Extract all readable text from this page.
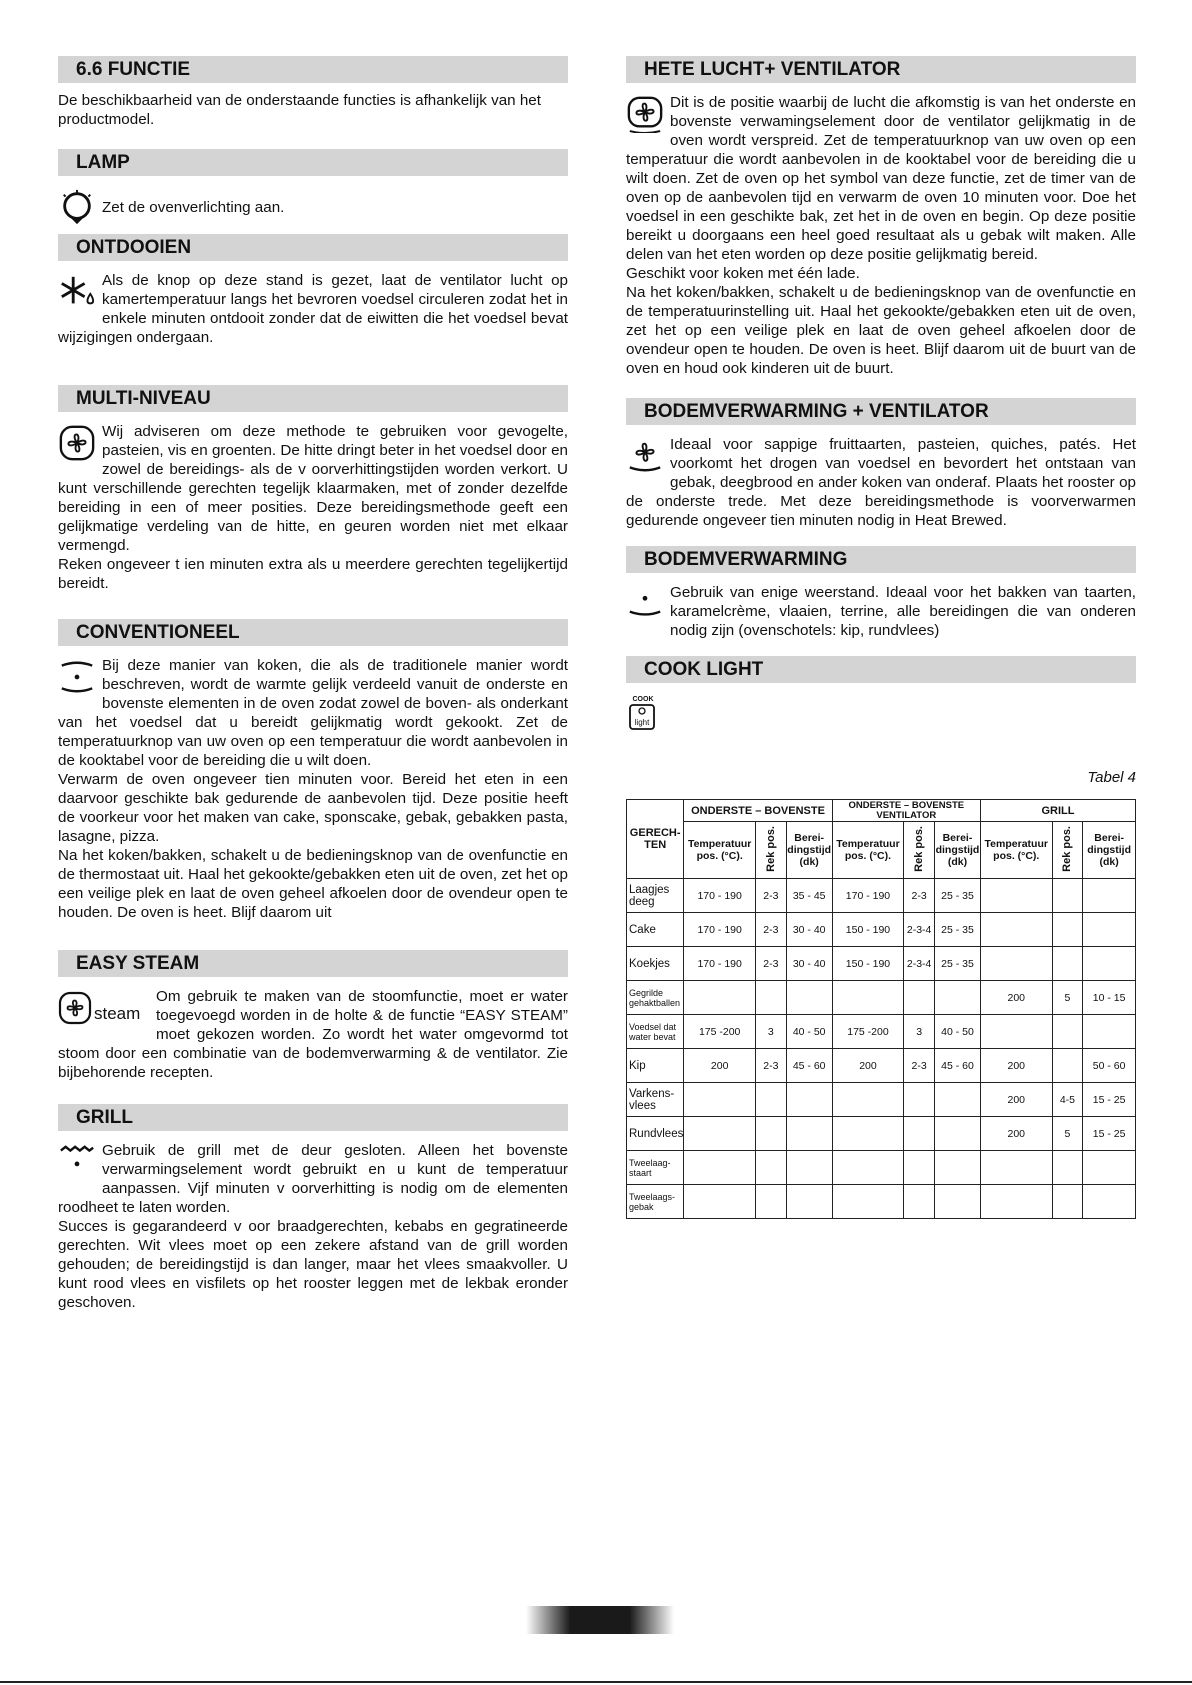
6.6 FUNCTIE

De beschikbaarheid van de onderstaande functies is afhankelijk van het productmodel.

LAMP

Zet de ovenverlichting aan.

ONTDOOIEN

Als de knop op deze stand is gezet, laat de ventilator lucht op kamertemperatuur langs het bevroren voedsel circuleren zodat het in enkele minuten ontdooit zonder dat de eiwitten die het voedsel bevat wijzigingen ondergaan.

MULTI-NIVEAU

Wij adviseren om deze methode te gebruiken voor gevogelte, pasteien, vis en groenten. De hitte dringt beter in het voedsel door en zowel de bereidings- als de v oorverhittingstijden worden verkort. U kunt verschillende gerechten tegelijk klaarmaken, met of zonder dezelfde bereiding in een of meer posities. Deze bereidingsmethode geeft een gelijkmatige verdeling van de hitte, en geuren worden niet met elkaar vermengd.

Reken ongeveer t ien minuten extra als u meerdere gerechten tegelijkertijd bereidt.

CONVENTIONEEL

Bij deze manier van koken, die als de traditionele manier wordt beschreven, wordt de warmte gelijk verdeeld vanuit de onderste en bovenste elementen in de oven zodat zowel de boven- als onderkant van het voedsel dat u bereidt gelijkmatig wordt gekookt. Zet de temperatuurknop van uw oven op een temperatuur die wordt aanbevolen in de kooktabel voor de bereiding die u wilt doen.

Verwarm de oven ongeveer tien minuten voor. Bereid het eten in een daarvoor geschikte bak gedurende de aanbevolen tijd. Deze positie heeft de voorkeur voor het maken van cake, sponscake, gebak, gebakken pasta, lasagne, pizza.

Na het koken/bakken, schakelt u de bedieningsknop van de ovenfunctie en de thermostaat uit. Haal het gekookte/gebakken eten uit de oven, zet het op een veilige plek en laat de oven geheel afkoelen door de ovendeur open te houden. De oven is heet. Blijf daarom uit

EASY STEAM
steam

Om gebruik te maken van de stoomfunctie, moet er water toegevoegd worden in de holte & de functie “EASY STEAM” moet gekozen worden. Zo wordt het water omgevormd tot stoom door een combinatie van de bodemverwarming & de ventilator. Zie bijbehorende recepten.

GRILL

Gebruik de grill met de deur gesloten. Alleen het bovenste verwarmingselement wordt gebruikt en u kunt de temperatuur aanpassen. Vijf minuten v oorverhitting is nodig om de elementen roodheet te laten worden.

Succes is gegarandeerd v oor braadgerechten, kebabs en gegratineerde gerechten. Wit vlees moet op een zekere afstand van de grill worden gehouden; de bereidingstijd is dan langer, maar het vlees smaakvoller. U kunt rood vlees en visfilets op het rooster leggen met de lekbak eronder geschoven.

HETE LUCHT+ VENTILATOR

Dit is de positie waarbij de lucht die afkomstig is van het onderste en bovenste verwamingselement door de ventilator gelijkmatig in de oven wordt verspreid. Zet de temperatuurknop van uw oven op een temperatuur die wordt aanbevolen in de kooktabel voor de bereiding die u wilt doen. Zet de oven op het symbol van deze functie, zet de timer van de oven op de aanbevolen tijd en verwarm de oven 10 minuten voor. Doe het voedsel in een geschikte bak, zet het in de oven en begin. Op deze positie bereikt u doorgaans een heel goed resultaat als u gebak wilt maken. Alle delen van het eten worden op deze positie gelijkmatig bereid.

Geschikt voor koken met één lade.

Na het koken/bakken, schakelt u de bedieningsknop van de ovenfunctie en de temperatuurinstelling uit. Haal het gekookte/gebakken eten uit de oven, zet het op een veilige plek en laat de oven geheel afkoelen door de ovendeur open te houden. De oven is heet. Blijf daarom uit de buurt van de oven en houd ook kinderen uit de buurt.

BODEMVERWARMING + VENTILATOR

Ideaal voor sappige fruittaarten, pasteien, quiches, patés. Het voorkomt het drogen van voedsel en bevordert het ontstaan van gebak, deegbrood en ander koken van onderaf. Plaats het rooster op de onderste trede. Met deze bereidingsmethode is voorverwarmen gedurende ongeveer tien minuten nodig in Heat Brewed.

BODEMVERWARMING

Gebruik van enige weerstand. Ideaal voor het bakken van taarten, karamelcrème, vlaaien, terrine, alle bereidingen die van onderen nodig zijn (ovenschotels: kip, rundvlees)

COOK LIGHT
COOK
light
Tabel 4
GERECH-TEN	ONDERSTE – BOVENSTE			ONDERSTE – BOVENSTE VENTILATOR			GRILL		
	Temperatuur pos. (°C).	Rek pos.	Berei-dingstijd (dk)	Temperatuur pos. (°C).	Rek pos.	Berei-dingstijd (dk)	Temperatuur pos. (°C).	Rek pos.	Berei-dingstijd (dk)
Laagjes deeg	170 - 190	2-3	35 - 45	170 - 190	2-3	25 - 35			
Cake	170 - 190	2-3	30 - 40	150 - 190	2-3-4	25 - 35			
Koekjes	170 - 190	2-3	30 - 40	150 - 190	2-3-4	25 - 35			
Gegrilde gehaktballen							200	5	10 - 15
Voedsel dat water bevat	175 -200	3	40 - 50	175 -200	3	40 - 50			
Kip	200	2-3	45 - 60	200	2-3	45 - 60	200		50 - 60
Varkens-vlees							200	4-5	15 - 25
Rundvlees							200	5	15 - 25
Tweelaag-staart									
Tweelaags-gebak									
